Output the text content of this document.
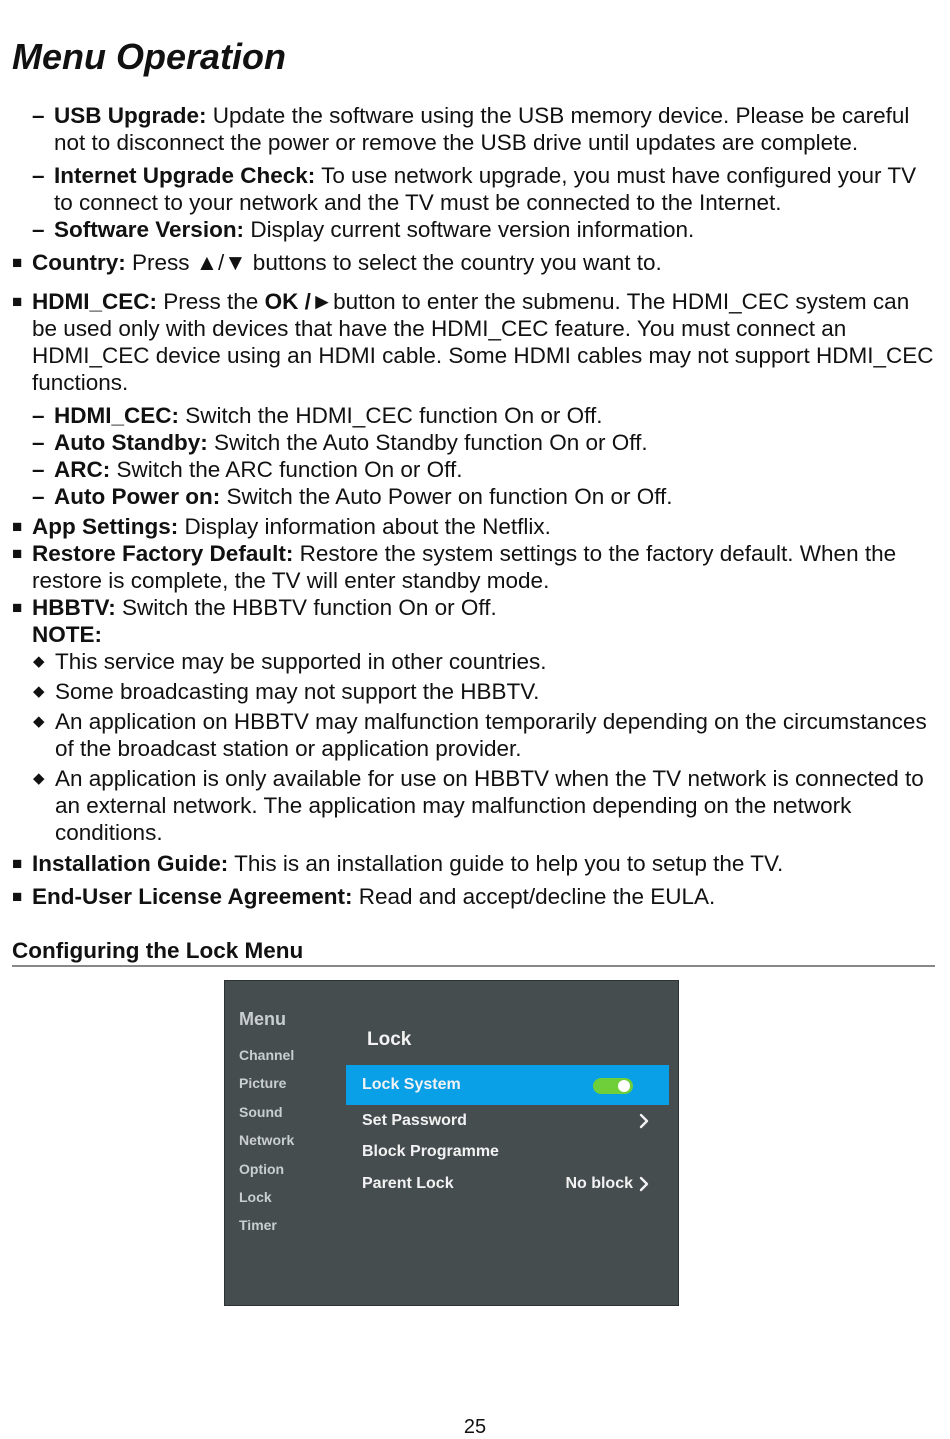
Menu Operation
– USB Upgrade: Update the software using the USB memory device. Please be careful not to disconnect the power or remove the USB drive until updates are complete.
– Internet Upgrade Check: To use network upgrade, you must have configured your TV to connect to your network and the TV must be connected to the Internet.
– Software Version: Display current software version information.
■ Country: Press ▲/▼ buttons to select the country you want to.
■ HDMI_CEC: Press the OK /►button to enter the submenu. The HDMI_CEC system can be used only with devices that have the HDMI_CEC feature. You must connect an HDMI_CEC device using an HDMI cable. Some HDMI cables may not support HDMI_CEC functions.
– HDMI_CEC: Switch the HDMI_CEC function On or Off.
– Auto Standby: Switch the Auto Standby function On or Off.
– ARC: Switch the ARC function On or Off.
– Auto Power on: Switch the Auto Power on function On or Off.
■ App Settings: Display information about the Netflix.
■ Restore Factory Default: Restore the system settings to the factory default. When the restore is complete, the TV will enter standby mode.
■ HBBTV: Switch the HBBTV function On or Off.
NOTE:
◆ This service may be supported in other countries.
◆ Some broadcasting may not support the HBBTV.
◆ An application on HBBTV may malfunction temporarily depending on the circumstances of the broadcast station or application provider.
◆ An application is only available for use on HBBTV when the TV network is connected to an external network. The application may malfunction depending on the network conditions.
■ Installation Guide: This is an installation guide to help you to setup the TV.
■ End-User License Agreement: Read and accept/decline the EULA.
Configuring the Lock Menu
Menu
Channel
Picture
Sound
Network
Option
Lock
Timer
Lock
Lock System
Set Password
Block Programme
Parent Lock	No block
25
